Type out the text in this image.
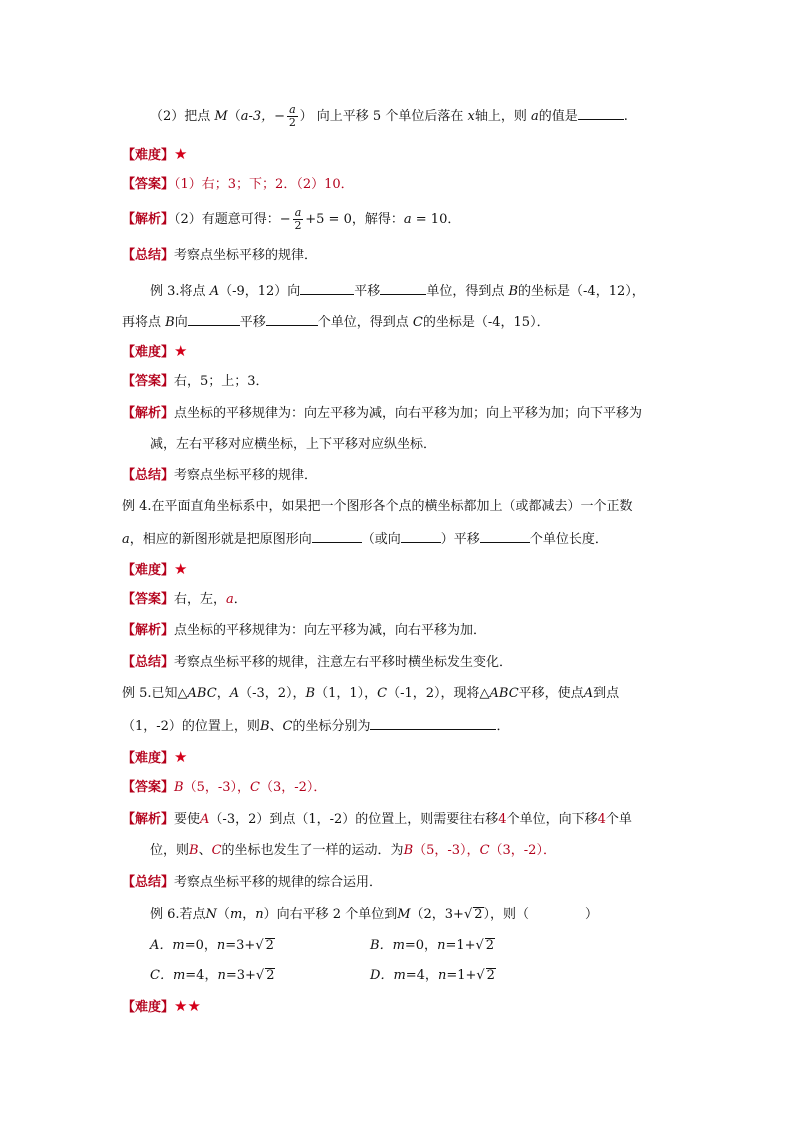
（2）把点 M（a-3，− $\frac{a}{2}$ ） 向上平移 5 个单位后落在 x轴上，则 a的值是	.
【难度】★
【答案】（1）右；3；下；2．（2）10．
【解析】（2）有题意可得：− $\frac{a}{2} +5 = 0$，解得：a = 10．
【总结】考察点坐标平移的规律．
例 3.将点 A（-9，12）向	平移	单位，得到点 B的坐标是（-4，12），
再将点 B向	平移	个单位，得到点 C的坐标是（-4，15）．
【难度】★
【答案】右，5；上；3．
【解析】点坐标的平移规律为：向左平移为减，向右平移为加；向上平移为加；向下平移为
减，左右平移对应横坐标，上下平移对应纵坐标．
【总结】考察点坐标平移的规律．
例 4.在平面直角坐标系中，如果把一个图形各个点的横坐标都加上（或都减去）一个正数
a，相应的新图形就是把原图形向	（或向	）平移	个单位长度．
【难度】★
【答案】右，左，a．
【解析】点坐标的平移规律为：向左平移为减，向右平移为加．
【总结】考察点坐标平移的规律，注意左右平移时横坐标发生变化．
例 5.已知△ABC，A（-3，2），B（1，1），C（-1，2），现将△ABC平移，使点A到点
（1，-2）的位置上，则B、C的坐标分别为	．
【难度】★
【答案】B（5，-3），C（3，-2）．
【解析】要使A（-3，2）到点（1，-2）的位置上，则需要往右移4个单位，向下移4个单
位，则B、C的坐标也发生了一样的运动．为B（5，-3），C（3，-2）．
【总结】考察点坐标平移的规律的综合运用．
例 6.若点N（m，n）向右平移 2 个单位到M（2，3+√ 2），则（	）
A．m=0，n=3+√ 2	B．m=0，n=1+√ 2
C．m=4，n=3+√ 2	D．m=4，n=1+√ 2
【难度】★★
